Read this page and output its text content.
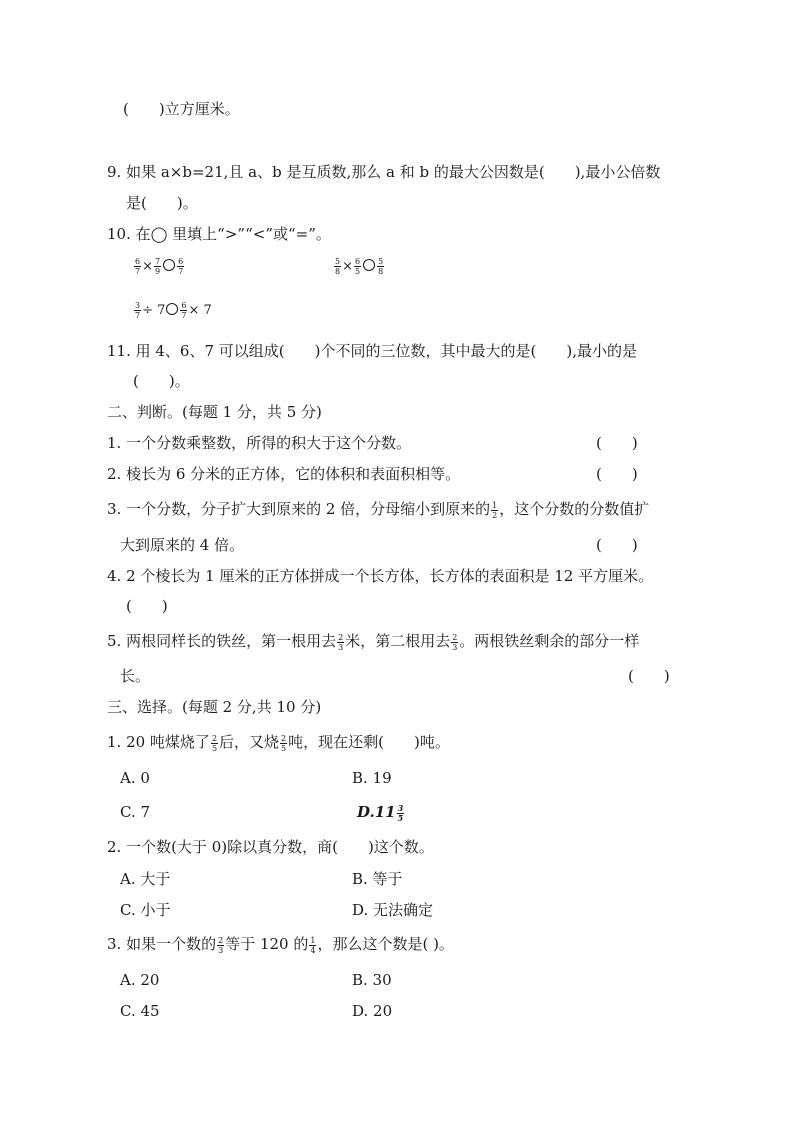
(　　)立方厘米。
9. 如果 a×b=21,且 a、b 是互质数,那么 a 和 b 的最大公因数是(　　),最小公倍数
是(　　)。
10. 在◯ 里填上“>”“<”或“=”。
$\frac{6}{7} \times \frac{7}{9} \frac{6}{7}$	$\frac{5}{8} \times \frac{6}{5} \frac{5}{8}$
$\frac{3}{7} \div 7 \frac{6}{7} \times 7$
11. 用 4、6、7 可以组成(　　)个不同的三位数，其中最大的是(　　),最小的是
(　　)。
二、判断。(每题 1 分，共 5 分)
1. 一个分数乘整数，所得的积大于这个分数。	(　　)
2. 棱长为 6 分米的正方体，它的体积和表面积相等。	(　　)
3. 一个分数，分子扩大到原来的 2 倍，分母缩小到原来的 $\frac{1}{2}$ ，这个分数的分数值扩
大到原来的 4 倍。	(　　)
4. 2 个棱长为 1 厘米的正方体拼成一个长方体，长方体的表面积是 12 平方厘米。
(　　)
5. 两根同样长的铁丝，第一根用去 $\frac{2}{3}$ 米，第二根用去 $\frac{2}{3}$ 。两根铁丝剩余的部分一样
长。	(　　)
三、选择。(每题 2 分,共 10 分)
1. 20 吨煤烧了 $\frac{2}{5}$ 后，又烧 $\frac{2}{5}$ 吨，现在还剩(　　)吨。
A. 0	B. 19
C. 7	$D.11 \frac{3}{5}$
2. 一个数(大于 0)除以真分数，商(　　)这个数。
A. 大于	B. 等于
C. 小于	D. 无法确定
3. 如果一个数的 $\frac{2}{3}$ 等于 120 的 $\frac{1}{4}$ ，那么这个数是( )。
A. 20	B. 30
C. 45	D. 20
